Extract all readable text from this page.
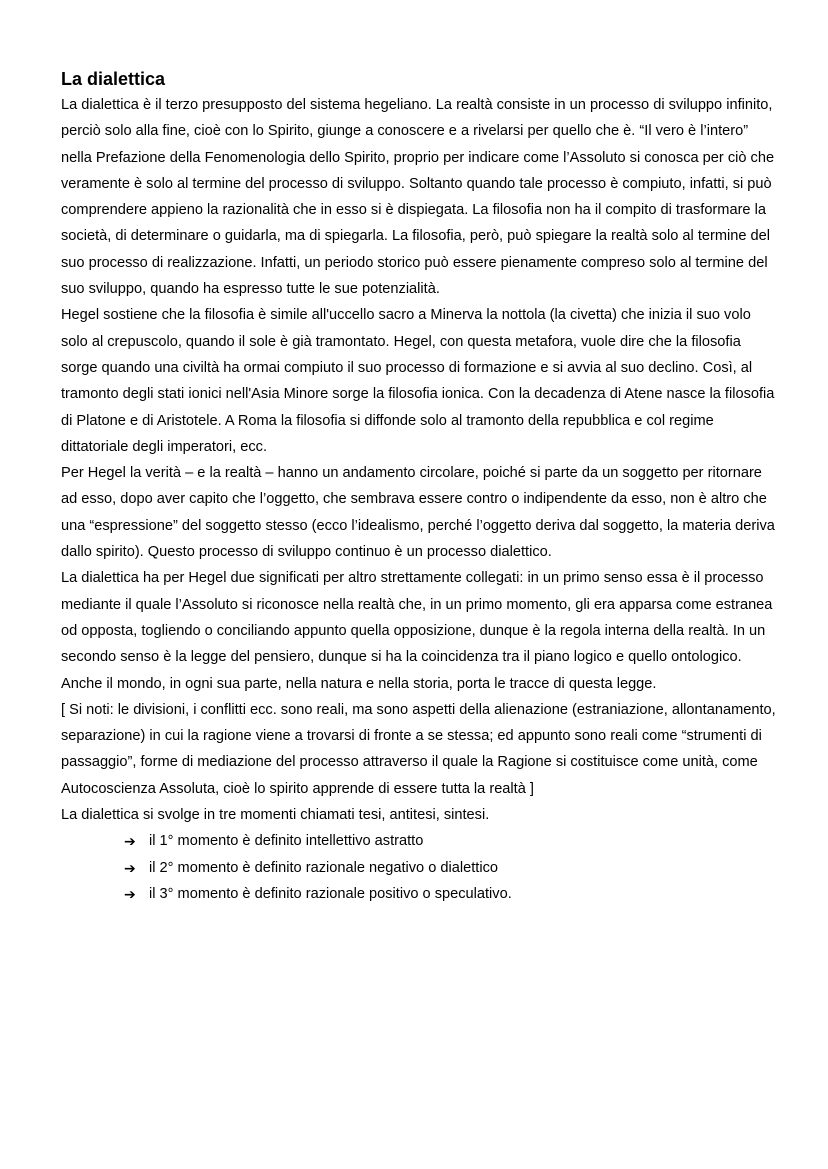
La dialettica

La dialettica è il terzo presupposto del sistema hegeliano. La realtà consiste in un processo di sviluppo infinito, perciò solo alla fine, cioè con lo Spirito, giunge a conoscere e a rivelarsi per quello che è. “Il vero è l’intero” nella Prefazione della Fenomenologia dello Spirito, proprio per indicare come l’Assoluto si conosca per ciò che veramente è solo al termine del processo di sviluppo. Soltanto quando tale processo è compiuto, infatti, si può comprendere appieno la razionalità che in esso si è dispiegata. La filosofia non ha il compito di trasformare la società, di determinare o guidarla, ma di spiegarla. La filosofia, però, può spiegare la realtà solo al termine del suo processo di realizzazione. Infatti, un periodo storico può essere pienamente compreso solo al termine del suo sviluppo, quando ha espresso tutte le sue potenzialità.

Hegel sostiene che la filosofia è simile all'uccello sacro a Minerva la nottola (la civetta) che inizia il suo volo solo al crepuscolo, quando il sole è già tramontato. Hegel, con questa metafora, vuole dire che la filosofia sorge quando una civiltà ha ormai compiuto il suo processo di formazione e si avvia al suo declino. Così, al tramonto degli stati ionici nell'Asia Minore sorge la filosofia ionica. Con la decadenza di Atene nasce la filosofia di Platone e di Aristotele. A Roma la filosofia si diffonde solo al tramonto della repubblica e col regime dittatoriale degli imperatori, ecc.

Per Hegel la verità – e la realtà – hanno un andamento circolare, poiché si parte da un soggetto per ritornare ad esso, dopo aver capito che l’oggetto, che sembrava essere contro o indipendente da esso, non è altro che una “espressione” del soggetto stesso (ecco l’idealismo, perché l’oggetto deriva dal soggetto, la materia deriva dallo spirito). Questo processo di sviluppo continuo è un processo dialettico.

La dialettica ha per Hegel due significati per altro strettamente collegati: in un primo senso essa è il processo mediante il quale l’Assoluto si riconosce nella realtà che, in un primo momento, gli era apparsa come estranea od opposta, togliendo o conciliando appunto quella opposizione, dunque è la regola interna della realtà. In un secondo senso è la legge del pensiero, dunque si ha la coincidenza tra il piano logico e quello ontologico. Anche il mondo, in ogni sua parte, nella natura e nella storia, porta le tracce di questa legge.

[ Si noti: le divisioni, i conflitti ecc. sono reali, ma sono aspetti della alienazione (estraniazione, allontanamento, separazione) in cui la ragione viene a trovarsi di fronte a se stessa; ed appunto sono reali come “strumenti di passaggio”, forme di mediazione del processo attraverso il quale la Ragione si costituisce come unità, come Autocoscienza Assoluta, cioè lo spirito apprende di essere tutta la realtà ]

La dialettica si svolge in tre momenti chiamati tesi, antitesi, sintesi.

➔ il 1° momento è definito intellettivo astratto
➔ il 2° momento è definito razionale negativo o dialettico
➔ il 3° momento è definito razionale positivo o speculativo.
